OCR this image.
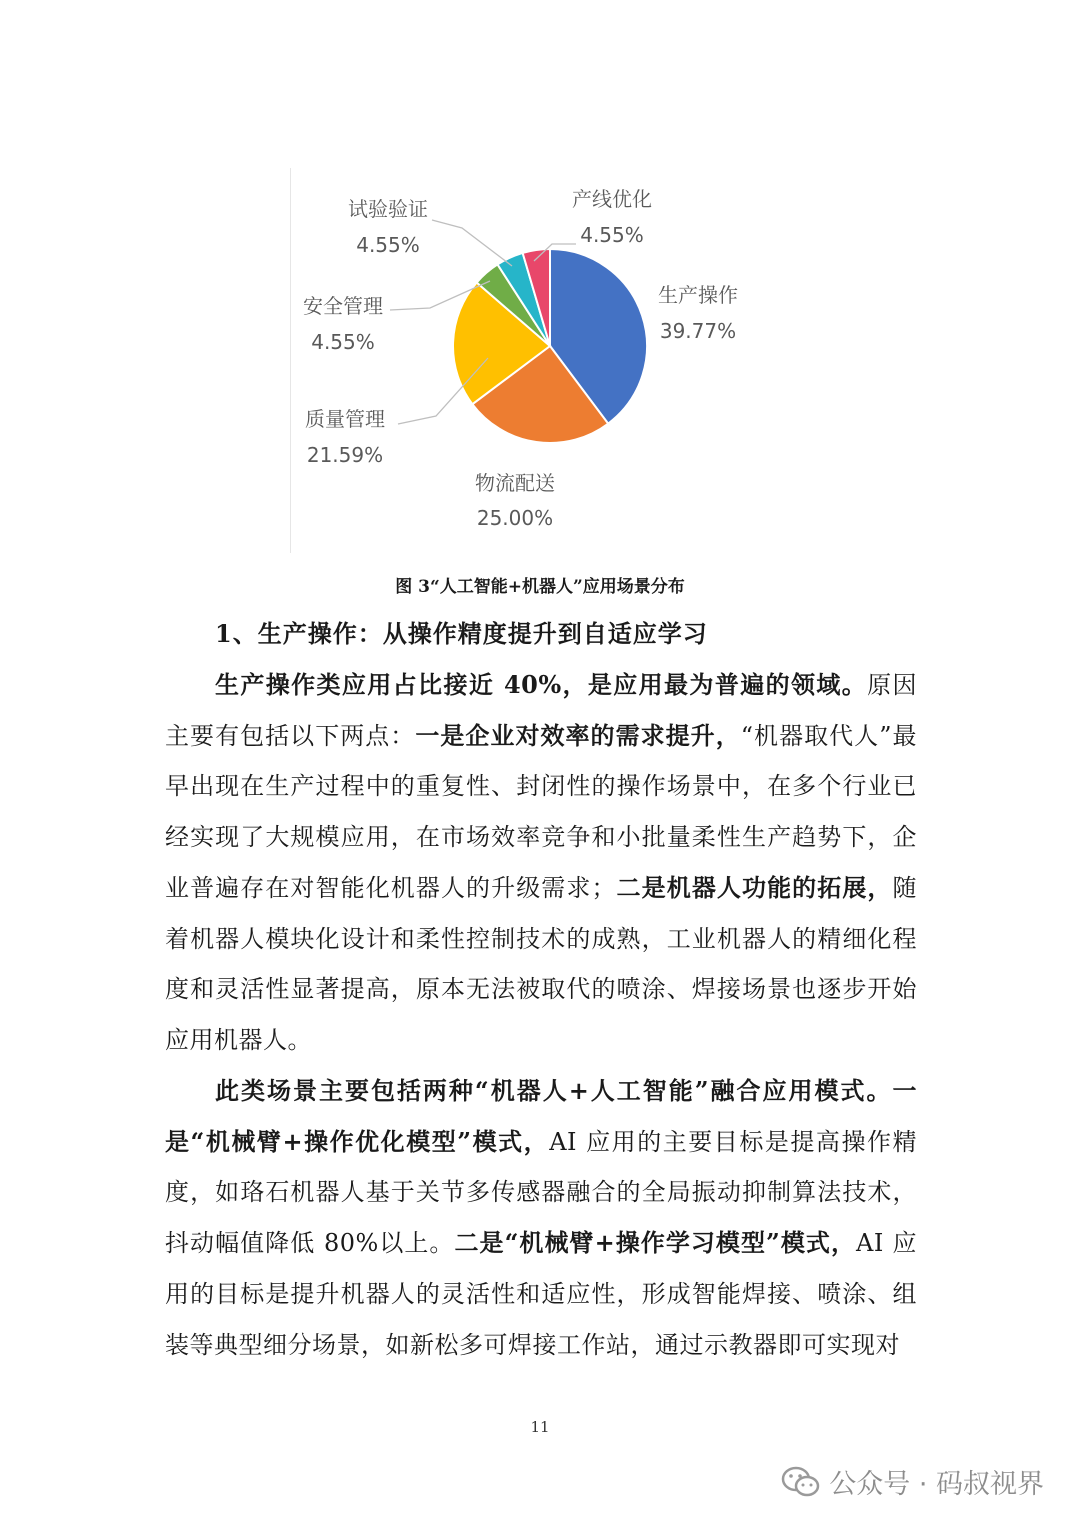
生产操作
39.77%
物流配送
25.00%
质量管理
21.59%
安全管理
4.55%
试验验证
4.55%
产线优化
4.55%
图 3“人工智能+机器人”应用场景分布
1、生产操作：从操作精度提升到自适应学习
生产操作类应用占比接近 40%，是应用最为普遍的领域。原因主要有包括以下两点：一是企业对效率的需求提升，“机器取代人”最早出现在生产过程中的重复性、封闭性的操作场景中，在多个行业已经实现了大规模应用，在市场效率竞争和小批量柔性生产趋势下，企业普遍存在对智能化机器人的升级需求；二是机器人功能的拓展，随着机器人模块化设计和柔性控制技术的成熟，工业机器人的精细化程度和灵活性显著提高，原本无法被取代的喷涂、焊接场景也逐步开始应用机器人。
此类场景主要包括两种“机器人+人工智能”融合应用模式。一是“机械臂+操作优化模型”模式，AI 应用的主要目标是提高操作精度，如珞石机器人基于关节多传感器融合的全局振动抑制算法技术，抖动幅值降低 80%以上。二是“机械臂+操作学习模型”模式，AI 应用的目标是提升机器人的灵活性和适应性，形成智能焊接、喷涂、组装等典型细分场景，如新松多可焊接工作站，通过示教器即可实现对
11
公众号 · 码叔视界
